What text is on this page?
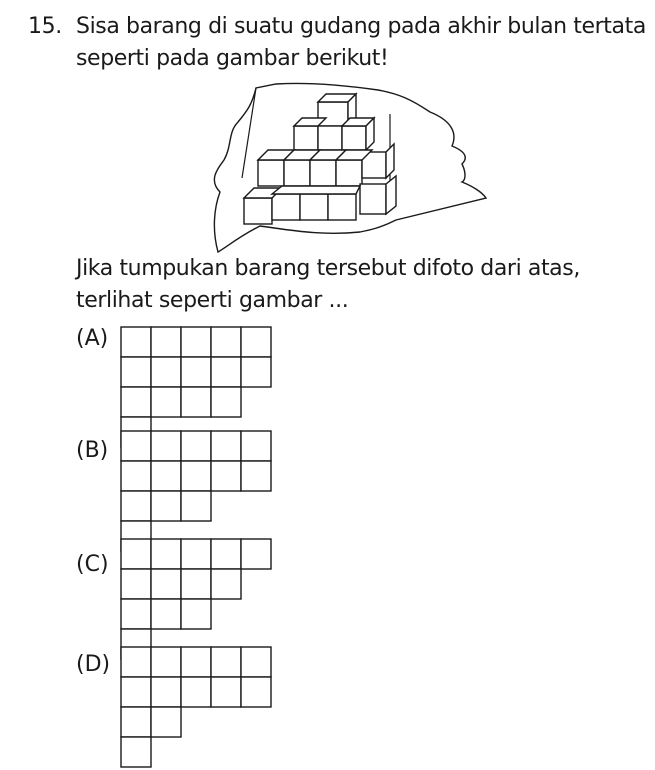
15. Sisa barang di suatu gudang pada akhir bulan tertata
seperti pada gambar berikut!
Jika tumpukan barang tersebut difoto dari atas,
terlihat seperti gambar ...
(A)
(B)
(C)
(D)
